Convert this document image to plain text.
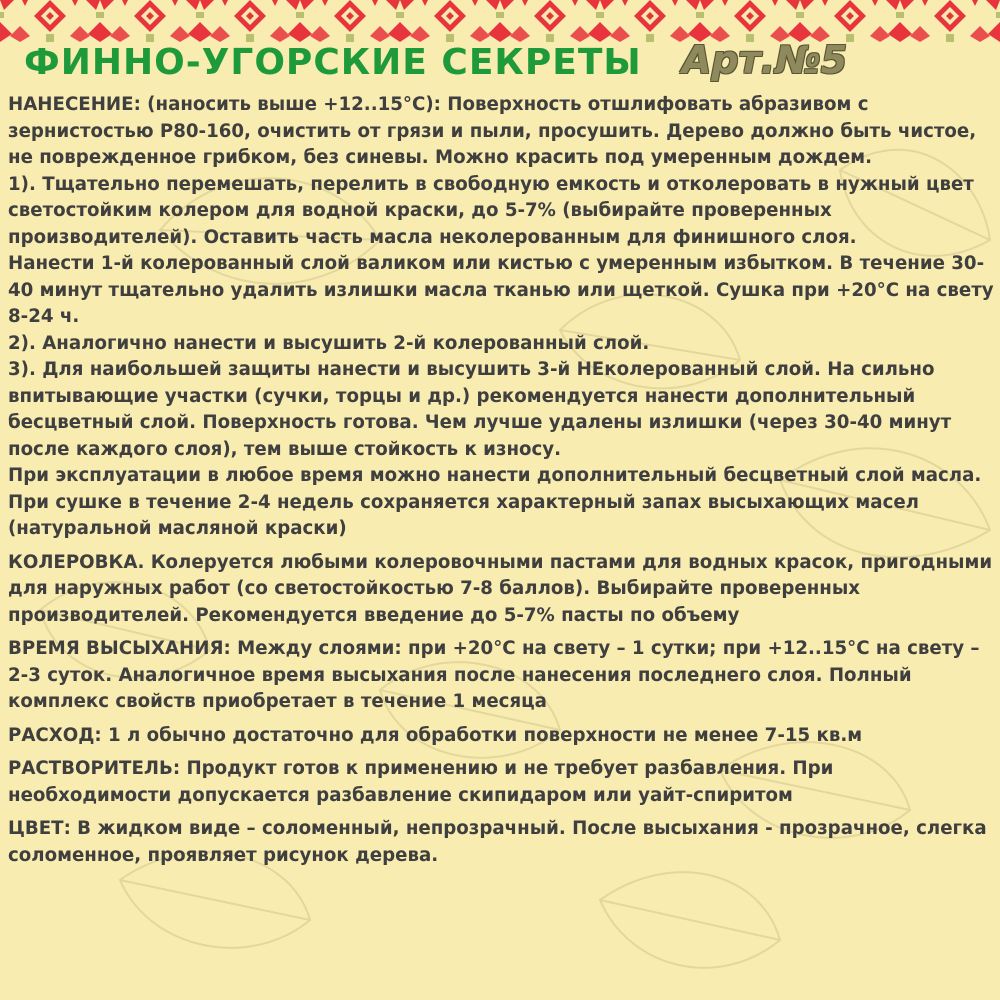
ФИННО-УГОРСКИЕ СЕКРЕТЫ Арт.№5

НАНЕСЕНИЕ: (наносить выше +12..15°С): Поверхность отшлифовать абразивом с зернистостью Р80-160, очистить от грязи и пыли, просушить. Дерево должно быть чистое, не поврежденное грибком, без синевы. Можно красить под умеренным дождем.

1). Тщательно перемешать, перелить в свободную емкость и отколеровать в нужный цвет светостойким колером для водной краски, до 5-7% (выбирайте проверенных производителей). Оставить часть масла неколерованным для финишного слоя.

Нанести 1-й колерованный слой валиком или кистью с умеренным избытком. В течение 30-40 минут тщательно удалить излишки масла тканью или щеткой. Сушка при +20°С на свету 8-24 ч.

2). Аналогично нанести и высушить 2-й колерованный слой.

3). Для наибольшей защиты нанести и высушить 3-й НЕколерованный слой. На сильно впитывающие участки (сучки, торцы и др.) рекомендуется нанести дополнительный бесцветный слой. Поверхность готова. Чем лучше удалены излишки (через 30-40 минут после каждого слоя), тем выше стойкость к износу.

При эксплуатации в любое время можно нанести дополнительный бесцветный слой масла. При сушке в течение 2-4 недель сохраняется характерный запах высыхающих масел (натуральной масляной краски)

КОЛЕРОВКА. Колеруется любыми колеровочными пастами для водных красок, пригодными для наружных работ (со светостойкостью 7-8 баллов). Выбирайте проверенных производителей. Рекомендуется введение до 5-7% пасты по объему

ВРЕМЯ ВЫСЫХАНИЯ: Между слоями: при +20°С на свету – 1 сутки; при +12..15°С на свету – 2-3 суток. Аналогичное время высыхания после нанесения последнего слоя. Полный комплекс свойств приобретает в течение 1 месяца

РАСХОД: 1 л обычно достаточно для обработки поверхности не менее 7-15 кв.м

РАСТВОРИТЕЛЬ: Продукт готов к применению и не требует разбавления. При необходимости допускается разбавление скипидаром или уайт-спиритом

ЦВЕТ: В жидком виде – соломенный, непрозрачный. После высыхания - прозрачное, слегка соломенное, проявляет рисунок дерева.
